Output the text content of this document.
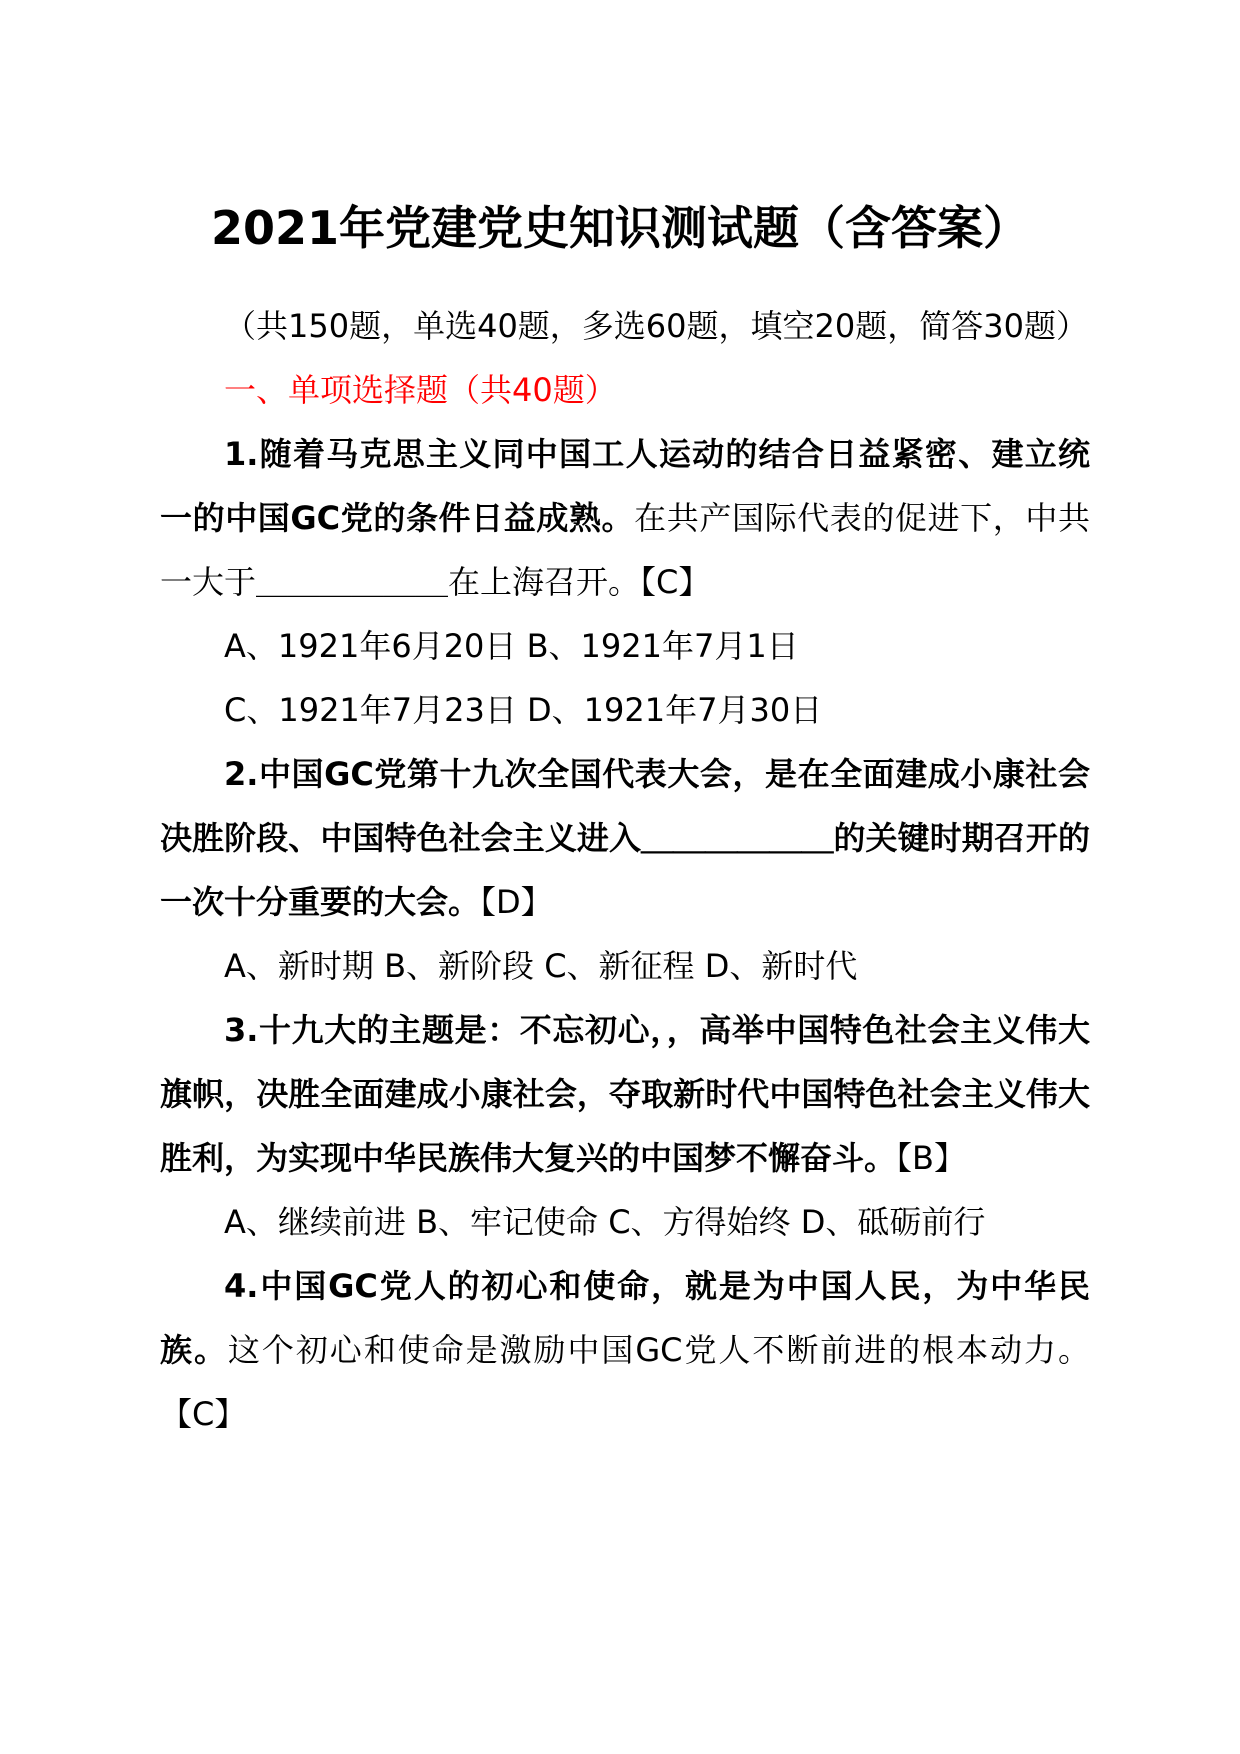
2021年党建党史知识测试题（含答案）

（共150题，单选40题，多选60题，填空20题，简答30题）

一、单项选择题（共40题）

1.随着马克思主义同中国工人运动的结合日益紧密、建立统一的中国GC党的条件日益成熟。在共产国际代表的促进下，中共一大于＿＿＿＿＿＿在上海召开。【C】

A、1921年6月20日 B、1921年7月1日

C、1921年7月23日 D、1921年7月30日

2.中国GC党第十九次全国代表大会，是在全面建成小康社会决胜阶段、中国特色社会主义进入＿＿＿＿＿＿的关键时期召开的一次十分重要的大会。【D】

A、新时期 B、新阶段 C、新征程 D、新时代

3.十九大的主题是：不忘初心，，高举中国特色社会主义伟大旗帜，决胜全面建成小康社会，夺取新时代中国特色社会主义伟大胜利，为实现中华民族伟大复兴的中国梦不懈奋斗。【B】

A、继续前进 B、牢记使命 C、方得始终 D、砥砺前行

4.中国GC党人的初心和使命，就是为中国人民，为中华民族。这个初心和使命是激励中国GC党人不断前进的根本动力。【C】
